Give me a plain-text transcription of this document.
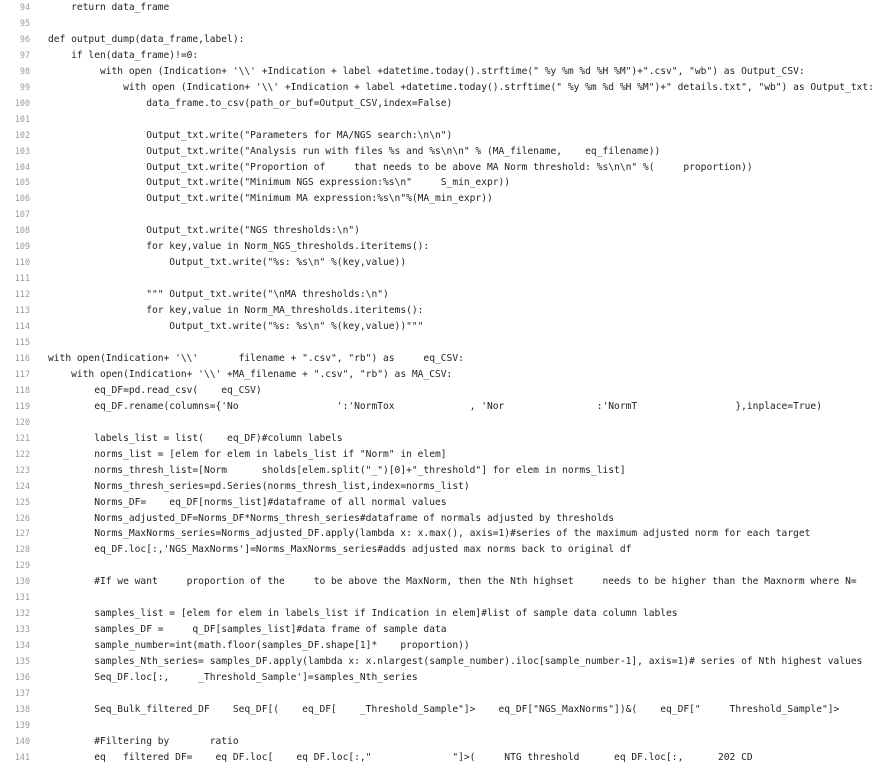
94 return data_frame
95
96 def output_dump(data_frame,label):
97 if len(data_frame)!=0:
98 with open (Indication+ '\\' +Indication + label +datetime.today().strftime(" %y %m %d %H %M")+".csv", "wb") as Output_CSV:
99 with open (Indication+ '\\' +Indication + label +datetime.today().strftime(" %y %m %d %H %M")+" details.txt", "wb") as Output_txt:
100 data_frame.to_csv(path_or_buf=Output_CSV,index=False)
101
102 Output_txt.write("Parameters for MA/NGS search:\n\n")
103 Output_txt.write("Analysis run with files %s and %s\n\n" % (MA_filename,    eq_filename))
104 Output_txt.write("Proportion of     that needs to be above MA Norm threshold: %s\n\n" %(     proportion))
105 Output_txt.write("Minimum NGS expression:%s\n"     S_min_expr))
106 Output_txt.write("Minimum MA expression:%s\n"%(MA_min_expr))
107
108 Output_txt.write("NGS thresholds:\n")
109 for key,value in Norm_NGS_thresholds.iteritems():
110 Output_txt.write("%s: %s\n" %(key,value))
111
112 """ Output_txt.write("\nMA thresholds:\n")
113 for key,value in Norm_MA_thresholds.iteritems():
114 Output_txt.write("%s: %s\n" %(key,value))"""
115
116 with open(Indication+ '\\'       filename + ".csv", "rb") as     eq_CSV:
117 with open(Indication+ '\\' +MA_filename + ".csv", "rb") as MA_CSV:
118 eq_DF=pd.read_csv(    eq_CSV)
119 eq_DF.rename(columns={'No                 ':'NormTox             , 'Nor                :'NormT                 },inplace=True)
120
121 labels_list = list(    eq_DF)#column labels
122 norms_list = [elem for elem in labels_list if "Norm" in elem]
123 norms_thresh_list=[Norm      sholds[elem.split("_")[0]+"_threshold"] for elem in norms_list]
124 Norms_thresh_series=pd.Series(norms_thresh_list,index=norms_list)
125 Norms_DF=    eq_DF[norms_list]#dataframe of all normal values
126 Norms_adjusted_DF=Norms_DF*Norms_thresh_series#dataframe of normals adjusted by thresholds
127 Norms_MaxNorms_series=Norms_adjusted_DF.apply(lambda x: x.max(), axis=1)#series of the maximum adjusted norm for each target
128 eq_DF.loc[:,'NGS_MaxNorms']=Norms_MaxNorms_series#adds adjusted max norms back to original df
129
130 #If we want     proportion of the     to be above the MaxNorm, then the Nth highset     needs to be higher than the Maxnorm where N=
131
132 samples_list = [elem for elem in labels_list if Indication in elem]#list of sample data column lables
133 samples_DF =     q_DF[samples_list]#data frame of sample data
134 sample_number=int(math.floor(samples_DF.shape[1]*    proportion))
135 samples_Nth_series= samples_DF.apply(lambda x: x.nlargest(sample_number).iloc[sample_number-1], axis=1)# series of Nth highest values
136 Seq_DF.loc[:,     _Threshold_Sample']=samples_Nth_series
137
138 Seq_Bulk_filtered_DF    Seq_DF[(    eq_DF[    _Threshold_Sample"]>    eq_DF["NGS_MaxNorms"])&(    eq_DF["     Threshold_Sample"]>
139
140 #Filtering by       ratio
141 eq   filtered DF=    eq DF.loc[    eq DF.loc[:,"              "]>(     NTG threshold      eq DF.loc[:,      202 CD
